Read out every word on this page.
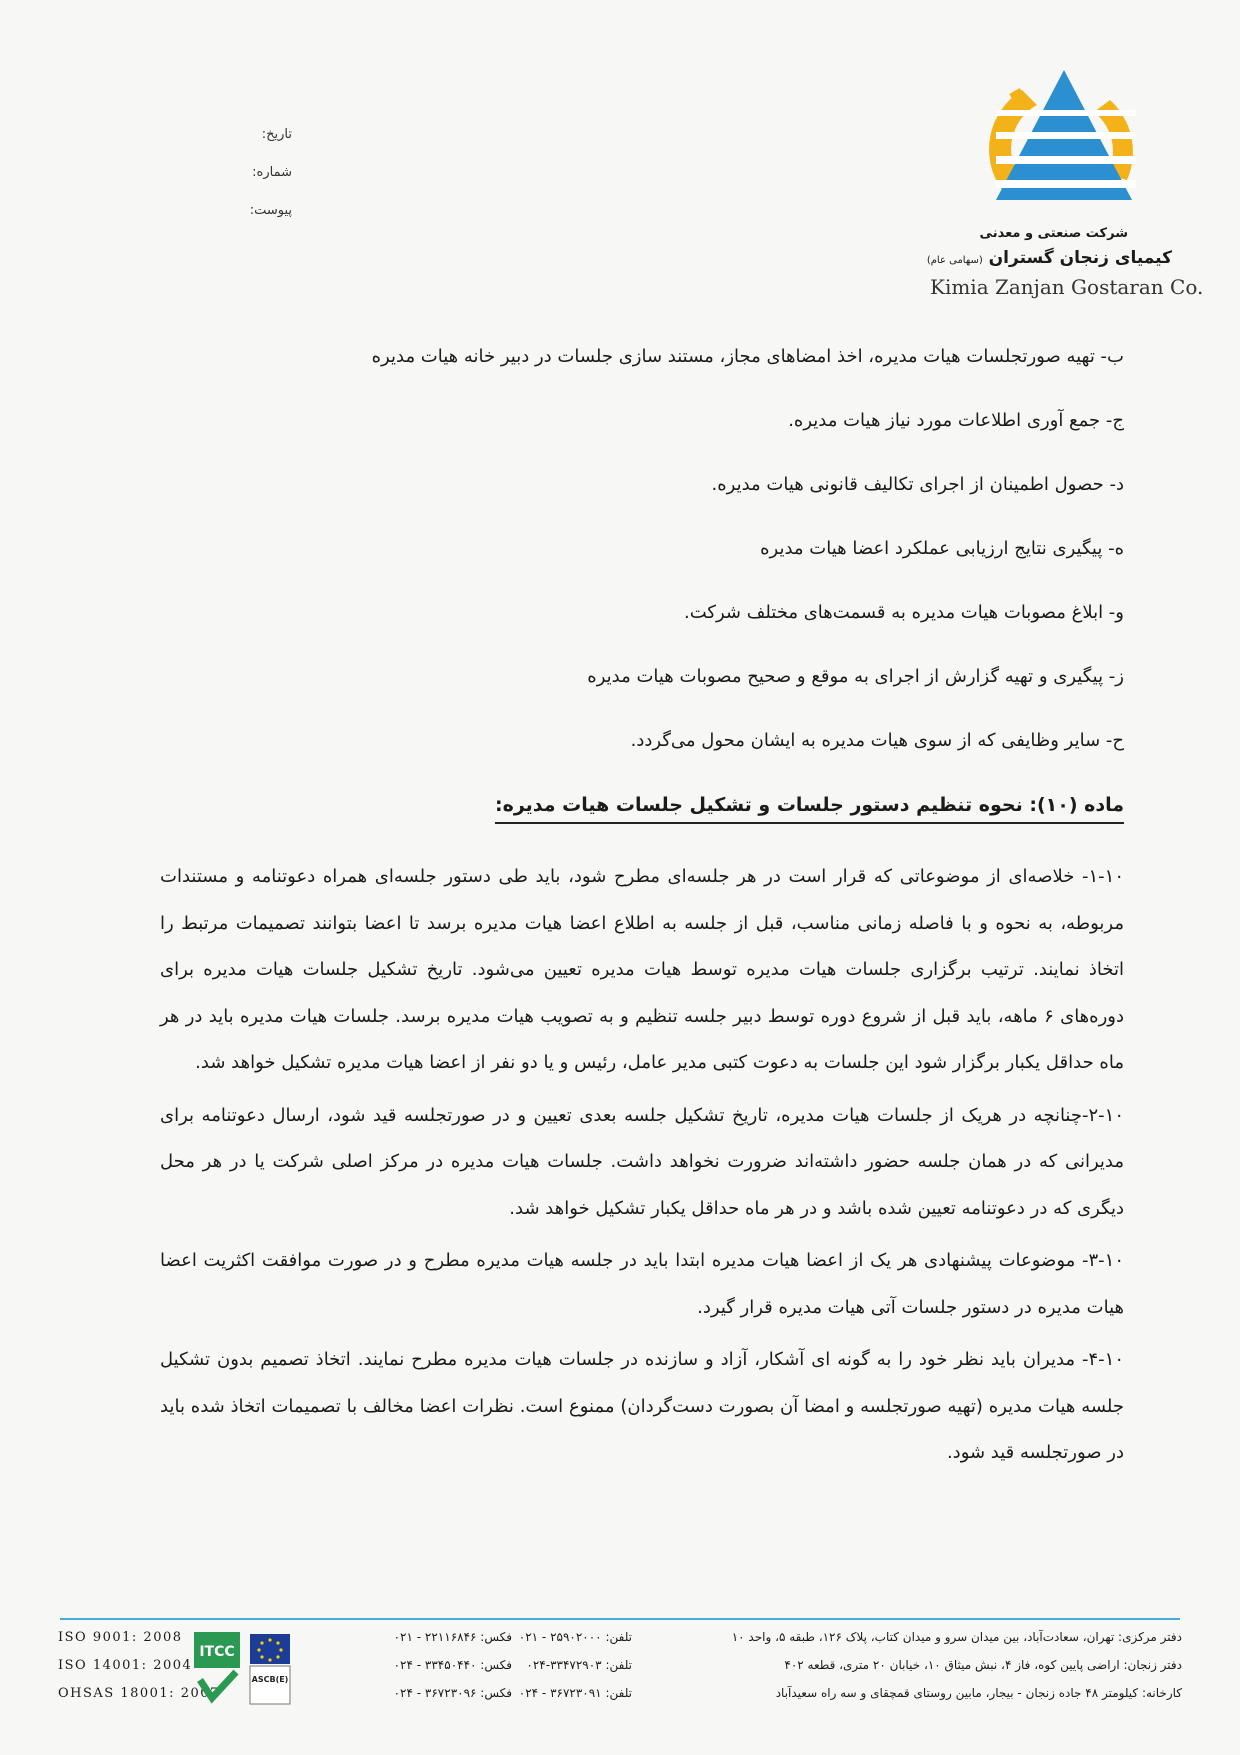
تاریخ:
شماره:
پیوست:
شرکت صنعتی و معدنی
کیمیای زنجان گستران (سهامی عام)
Kimia Zanjan Gostaran Co.
ب- تهیه صورتجلسات هیات مدیره، اخذ امضاهای مجاز، مستند سازی جلسات در دبیر خانه هیات مدیره
ج- جمع آوری اطلاعات مورد نیاز هیات مدیره.
د- حصول اطمینان از اجرای تکالیف قانونی هیات مدیره.
ه- پیگیری نتایج ارزیابی عملکرد اعضا هیات مدیره
و- ابلاغ مصوبات هیات مدیره به قسمت‌های مختلف شرکت.
ز- پیگیری و تهیه گزارش از اجرای به موقع و صحیح مصوبات هیات مدیره
ح- سایر وظایفی که از سوی هیات مدیره به ایشان محول می‌گردد.
ماده (۱۰): نحوه تنظیم دستور جلسات و تشکیل جلسات هیات مدیره:
۱-۱۰- خلاصه‌ای از موضوعاتی که قرار است در هر جلسه‌ای مطرح شود، باید طی دستور جلسه‌ای همراه دعوتنامه و مستندات مربوطه، به نحوه و با فاصله زمانی مناسب، قبل از جلسه به اطلاع اعضا هیات مدیره برسد تا اعضا بتوانند تصمیمات مرتبط را اتخاذ نمایند. ترتیب برگزاری جلسات هیات مدیره توسط هیات مدیره تعیین می‌شود. تاریخ تشکیل جلسات هیات مدیره برای دوره‌های ۶ ماهه، باید قبل از شروع دوره توسط دبیر جلسه تنظیم و به تصویب هیات مدیره برسد. جلسات هیات مدیره باید در هر ماه حداقل یکبار برگزار شود این جلسات به دعوت کتبی مدیر عامل، رئیس و یا دو نفر از اعضا هیات مدیره تشکیل خواهد شد.
۲-۱۰-چنانچه در هریک از جلسات هیات مدیره، تاریخ تشکیل جلسه بعدی تعیین و در صورتجلسه قید شود، ارسال دعوتنامه برای مدیرانی که در همان جلسه حضور داشته‌اند ضرورت نخواهد داشت. جلسات هیات مدیره در مرکز اصلی شرکت یا در هر محل دیگری که در دعوتنامه تعیین شده باشد و در هر ماه حداقل یکبار تشکیل خواهد شد.
۳-۱۰- موضوعات پیشنهادی هر یک از اعضا هیات مدیره ابتدا باید در جلسه هیات مدیره مطرح و در صورت موافقت اکثریت اعضا هیات مدیره در دستور جلسات آتی هیات مدیره قرار گیرد.
۴-۱۰- مدیران باید نظر خود را به گونه ای آشکار، آزاد و سازنده در جلسات هیات مدیره مطرح نمایند. اتخاذ تصمیم بدون تشکیل جلسه هیات مدیره (تهیه صورتجلسه و امضا آن بصورت دست‌گردان) ممنوع است. نظرات اعضا مخالف با تصمیمات اتخاذ شده باید در صورتجلسه قید شود.
ISO 9001: 2008
ISO 14001: 2004
OHSAS 18001: 2007
ITCC
ASCB(E)
دفتر مرکزی: تهران، سعادت‌آباد، بین میدان سرو و میدان کتاب، پلاک ۱۲۶، طبقه ۵، واحد ۱۰
تلفن: ۲۵۹۰۲۰۰۰ - ۰۲۱
فکس: ۲۲۱۱۶۸۴۶ - ۰۲۱
دفتر زنجان: اراضی پایین کوه، فاز ۴، نبش میثاق ۱۰، خیابان ۲۰ متری، قطعه ۴۰۲
تلفن: ۳۳۴۷۲۹۰۳-۰۲۴
فکس: ۳۳۴۵۰۴۴۰ - ۰۲۴
کارخانه: کیلومتر ۴۸ جاده زنجان - بیجار، مابین روستای قمچقای و سه راه سعیدآباد
تلفن: ۳۶۷۲۳۰۹۱ - ۰۲۴
فکس: ۳۶۷۲۳۰۹۶ - ۰۲۴
